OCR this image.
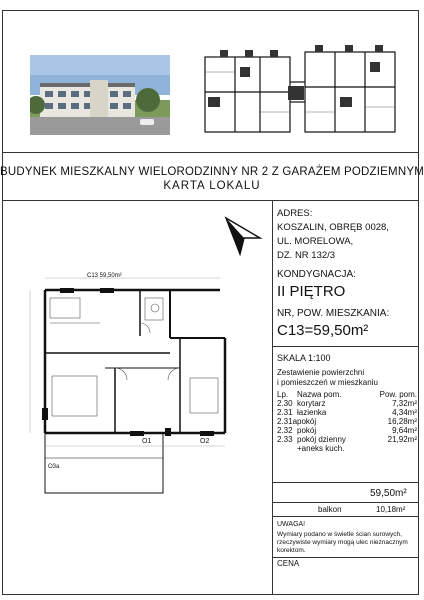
BUDYNEK MIESZKALNY WIELORODZINNY NR 2 Z GARAŻEM PODZIEMNYM
KARTA LOKALU
ADRES:
KOSZALIN, OBRĘB 0028,
UL. MORELOWA,
DZ. NR 132/3
KONDYGNACJA:
II PIĘTRO
NR, POW. MIESZKANIA:
C13=59,50m²
SKALA 1:100
Zestawienie powierzchni
i pomieszczeń w mieszkaniu
Lp.	Nazwa pom.	Pow. pom.
2.30 korytarz	7,32m²
2.31 łazienka	4,34m²
2.31a pokój	16,28m²
2.32 pokój	9,64m²
2.33 pokój dzienny	21,92m²
+aneks kuch.
59,50m²
balkon	10,18m²
UWAGA!
Wymiary podano w świetle ścian surowych,
rzeczywiste wymiary mogą ulec nieznacznym
korektom.
CENA
C13 59,50m²
O1	O2
O3a
